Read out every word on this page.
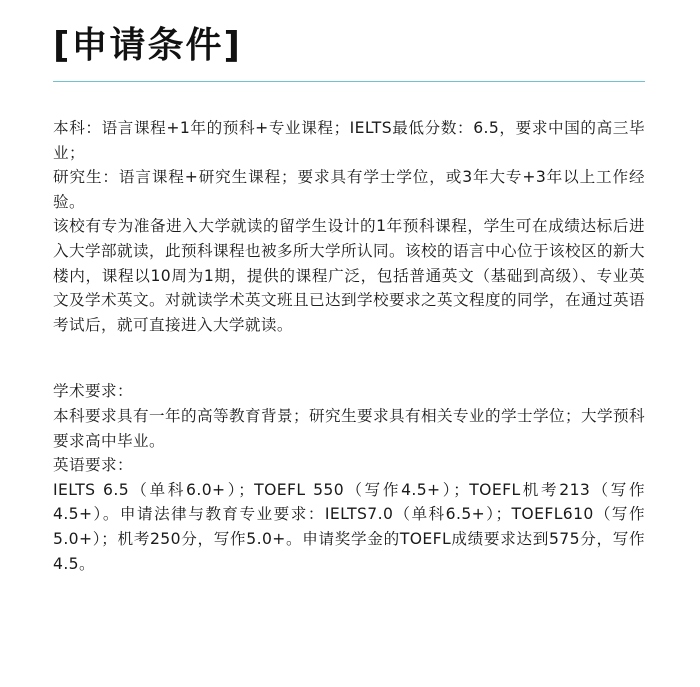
[申请条件]

本科：语言课程+1年的预科+专业课程；IELTS最低分数：6.5，要求中国的高三毕业；

研究生：语言课程+研究生课程；要求具有学士学位，或3年大专+3年以上工作经验。

该校有专为准备进入大学就读的留学生设计的1年预科课程，学生可在成绩达标后进入大学部就读，此预科课程也被多所大学所认同。该校的语言中心位于该校区的新大楼内，课程以10周为1期，提供的课程广泛，包括普通英文（基础到高级）、专业英文及学术英文。对就读学术英文班且已达到学校要求之英文程度的同学，在通过英语考试后，就可直接进入大学就读。

学术要求：

本科要求具有一年的高等教育背景；研究生要求具有相关专业的学士学位；大学预科要求高中毕业。

英语要求：

IELTS 6.5（单科6.0+）；TOEFL 550（写作4.5+）；TOEFL机考213（写作4.5+）。申请法律与教育专业要求：IELTS7.0（单科6.5+）；TOEFL610（写作5.0+）；机考250分，写作5.0+。申请奖学金的TOEFL成绩要求达到575分，写作4.5。
